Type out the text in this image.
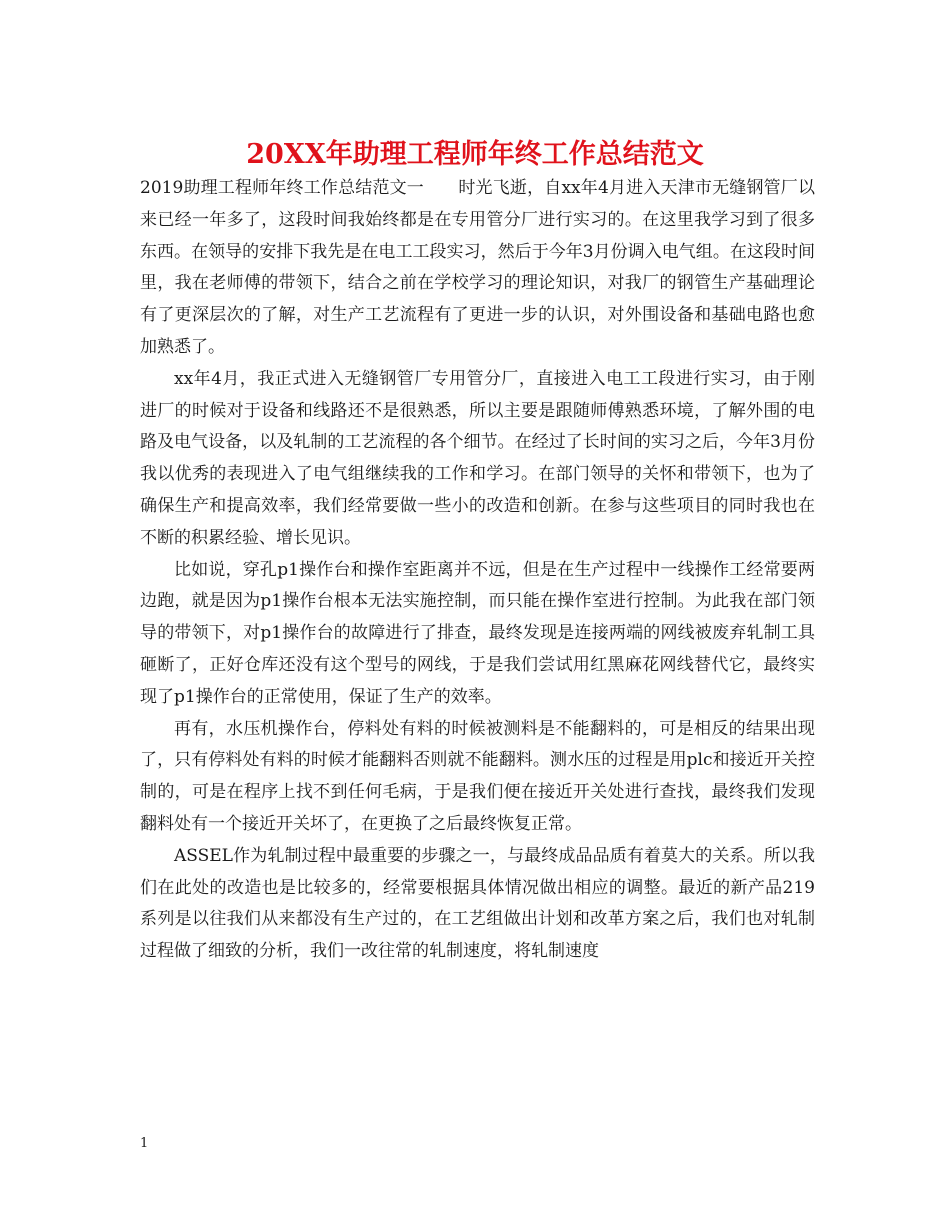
20XX年助理工程师年终工作总结范文

2019助理工程师年终工作总结范文一　　时光飞逝，自xx年4月进入天津市无缝钢管厂以来已经一年多了，这段时间我始终都是在专用管分厂进行实习的。在这里我学习到了很多东西。在领导的安排下我先是在电工工段实习，然后于今年3月份调入电气组。在这段时间里，我在老师傅的带领下，结合之前在学校学习的理论知识，对我厂的钢管生产基础理论有了更深层次的了解，对生产工艺流程有了更进一步的认识，对外围设备和基础电路也愈加熟悉了。

xx年4月，我正式进入无缝钢管厂专用管分厂，直接进入电工工段进行实习，由于刚进厂的时候对于设备和线路还不是很熟悉，所以主要是跟随师傅熟悉环境，了解外围的电路及电气设备，以及轧制的工艺流程的各个细节。在经过了长时间的实习之后，今年3月份我以优秀的表现进入了电气组继续我的工作和学习。在部门领导的关怀和带领下，也为了确保生产和提高效率，我们经常要做一些小的改造和创新。在参与这些项目的同时我也在不断的积累经验、增长见识。

比如说，穿孔p1操作台和操作室距离并不远，但是在生产过程中一线操作工经常要两边跑，就是因为p1操作台根本无法实施控制，而只能在操作室进行控制。为此我在部门领导的带领下，对p1操作台的故障进行了排查，最终发现是连接两端的网线被废弃轧制工具砸断了，正好仓库还没有这个型号的网线，于是我们尝试用红黑麻花网线替代它，最终实现了p1操作台的正常使用，保证了生产的效率。

再有，水压机操作台，停料处有料的时候被测料是不能翻料的，可是相反的结果出现了，只有停料处有料的时候才能翻料否则就不能翻料。测水压的过程是用plc和接近开关控制的，可是在程序上找不到任何毛病，于是我们便在接近开关处进行查找，最终我们发现翻料处有一个接近开关坏了，在更换了之后最终恢复正常。

ASSEL作为轧制过程中最重要的步骤之一，与最终成品品质有着莫大的关系。所以我们在此处的改造也是比较多的，经常要根据具体情况做出相应的调整。最近的新产品219系列是以往我们从来都没有生产过的，在工艺组做出计划和改革方案之后，我们也对轧制过程做了细致的分析，我们一改往常的轧制速度，将轧制速度

1
